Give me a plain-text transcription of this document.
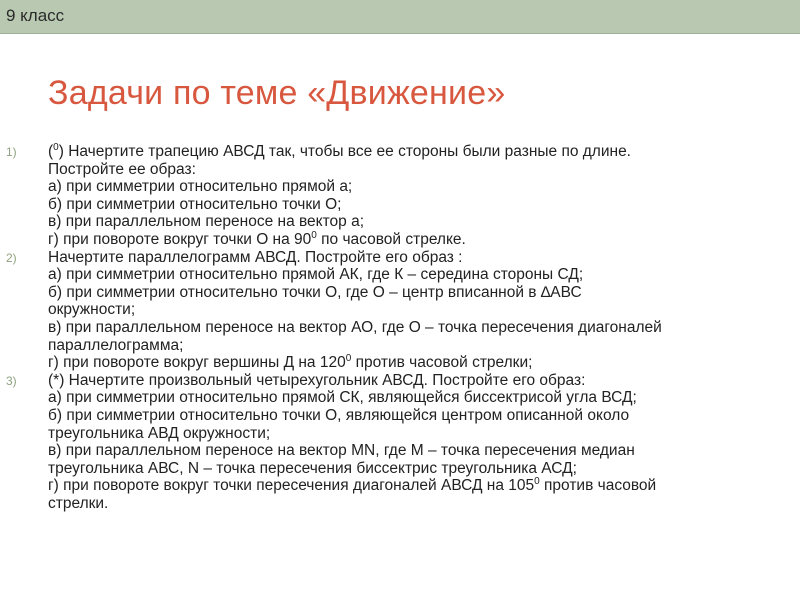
9 класс
Задачи по теме «Движение»
1) ($^0$) Начертите трапецию АВСД так, чтобы все ее стороны были разные по длине.
Постройте ее образ:
а) при симметрии относительно прямой а;
б) при симметрии относительно точки О;
в) при параллельном переносе на вектор а;
г) при повороте вокруг точки О на $90^0$ по часовой стрелке.
2) Начертите параллелограмм АВСД. Постройте его образ :
а) при симметрии относительно прямой АК, где К – середина стороны СД;
б) при симметрии относительно точки О, где О – центр вписанной в ∆АВС
окружности;
в) при параллельном переносе на вектор АО, где О – точка пересечения диагоналей
параллелограмма;
г) при повороте вокруг вершины Д на $120^0$ против часовой стрелки;
3) (*) Начертите произвольный четырехугольник АВСД. Постройте его образ:
а) при симметрии относительно прямой СК, являющейся биссектрисой угла ВСД;
б) при симметрии относительно точки О, являющейся центром описанной около
треугольника АВД окружности;
в) при параллельном переносе на вектор МN, где М – точка пересечения медиан
треугольника АВС, N – точка пересечения биссектрис треугольника АСД;
г) при повороте вокруг точки пересечения диагоналей АВСД на $105^0$ против часовой
стрелки.
